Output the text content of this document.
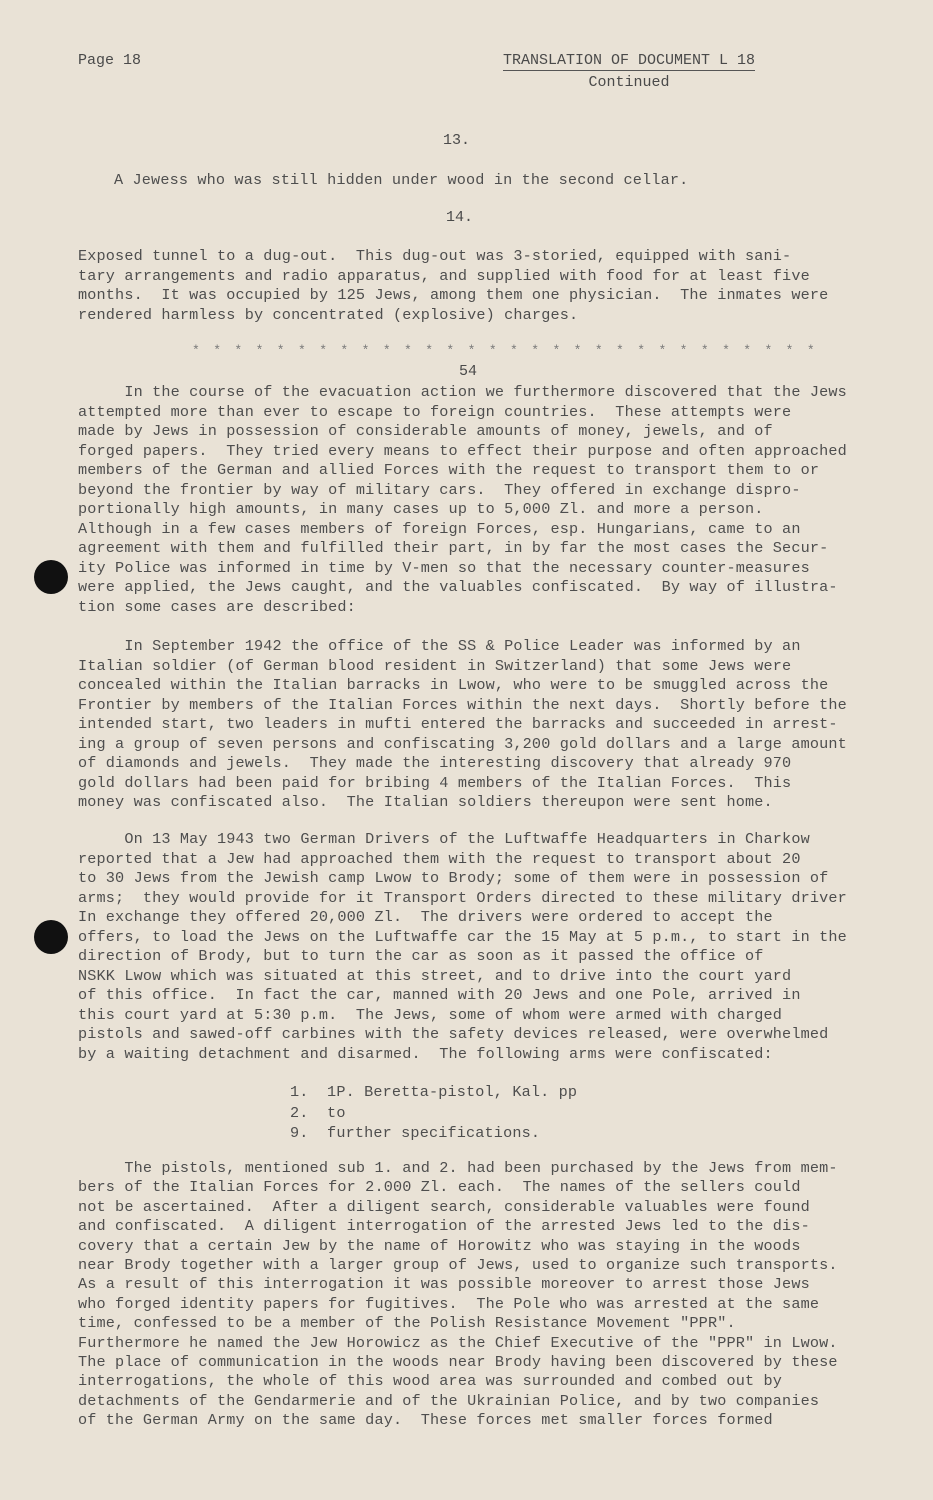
Page 18	TRANSLATION OF DOCUMENT L 18
Continued
13.
A Jewess who was still hidden under wood in the second cellar.
14.
Exposed tunnel to a dug-out.  This dug-out was 3-storied, equipped with sani-
tary arrangements and radio apparatus, and supplied with food for at least five
months.  It was occupied by 125 Jews, among them one physician.  The inmates were
rendered harmless by concentrated (explosive) charges.
* * * * * * * * * * * * * * * * * * * * * * * * * * * * * *
54
In the course of the evacuation action we furthermore discovered that the Jews
attempted more than ever to escape to foreign countries.  These attempts were
made by Jews in possession of considerable amounts of money, jewels, and of
forged papers.  They tried every means to effect their purpose and often approached
members of the German and allied Forces with the request to transport them to or
beyond the frontier by way of military cars.  They offered in exchange dispro-
portionally high amounts, in many cases up to 5,000 Zl. and more a person.
Although in a few cases members of foreign Forces, esp. Hungarians, came to an
agreement with them and fulfilled their part, in by far the most cases the Secur-
ity Police was informed in time by V-men so that the necessary counter-measures
were applied, the Jews caught, and the valuables confiscated.  By way of illustra-
tion some cases are described:
In September 1942 the office of the SS & Police Leader was informed by an
Italian soldier (of German blood resident in Switzerland) that some Jews were
concealed within the Italian barracks in Lwow, who were to be smuggled across the
Frontier by members of the Italian Forces within the next days.  Shortly before the
intended start, two leaders in mufti entered the barracks and succeeded in arrest-
ing a group of seven persons and confiscating 3,200 gold dollars and a large amount
of diamonds and jewels.  They made the interesting discovery that already 970
gold dollars had been paid for bribing 4 members of the Italian Forces.  This
money was confiscated also.  The Italian soldiers thereupon were sent home.
On 13 May 1943 two German Drivers of the Luftwaffe Headquarters in Charkow
reported that a Jew had approached them with the request to transport about 20
to 30 Jews from the Jewish camp Lwow to Brody; some of them were in possession of
arms;  they would provide for it Transport Orders directed to these military driver
In exchange they offered 20,000 Zl.  The drivers were ordered to accept the
offers, to load the Jews on the Luftwaffe car the 15 May at 5 p.m., to start in the
direction of Brody, but to turn the car as soon as it passed the office of
NSKK Lwow which was situated at this street, and to drive into the court yard
of this office.  In fact the car, manned with 20 Jews and one Pole, arrived in
this court yard at 5:30 p.m.  The Jews, some of whom were armed with charged
pistols and sawed-off carbines with the safety devices released, were overwhelmed
by a waiting detachment and disarmed.  The following arms were confiscated:
1.  1P. Beretta-pistol, Kal. pp
2.  to
9.  further specifications.
The pistols, mentioned sub 1. and 2. had been purchased by the Jews from mem-
bers of the Italian Forces for 2.000 Zl. each.  The names of the sellers could
not be ascertained.  After a diligent search, considerable valuables were found
and confiscated.  A diligent interrogation of the arrested Jews led to the dis-
covery that a certain Jew by the name of Horowitz who was staying in the woods
near Brody together with a larger group of Jews, used to organize such transports.
As a result of this interrogation it was possible moreover to arrest those Jews
who forged identity papers for fugitives.  The Pole who was arrested at the same
time, confessed to be a member of the Polish Resistance Movement "PPR".
Furthermore he named the Jew Horowicz as the Chief Executive of the "PPR" in Lwow.
The place of communication in the woods near Brody having been discovered by these
interrogations, the whole of this wood area was surrounded and combed out by
detachments of the Gendarmerie and of the Ukrainian Police, and by two companies
of the German Army on the same day.  These forces met smaller forces formed
